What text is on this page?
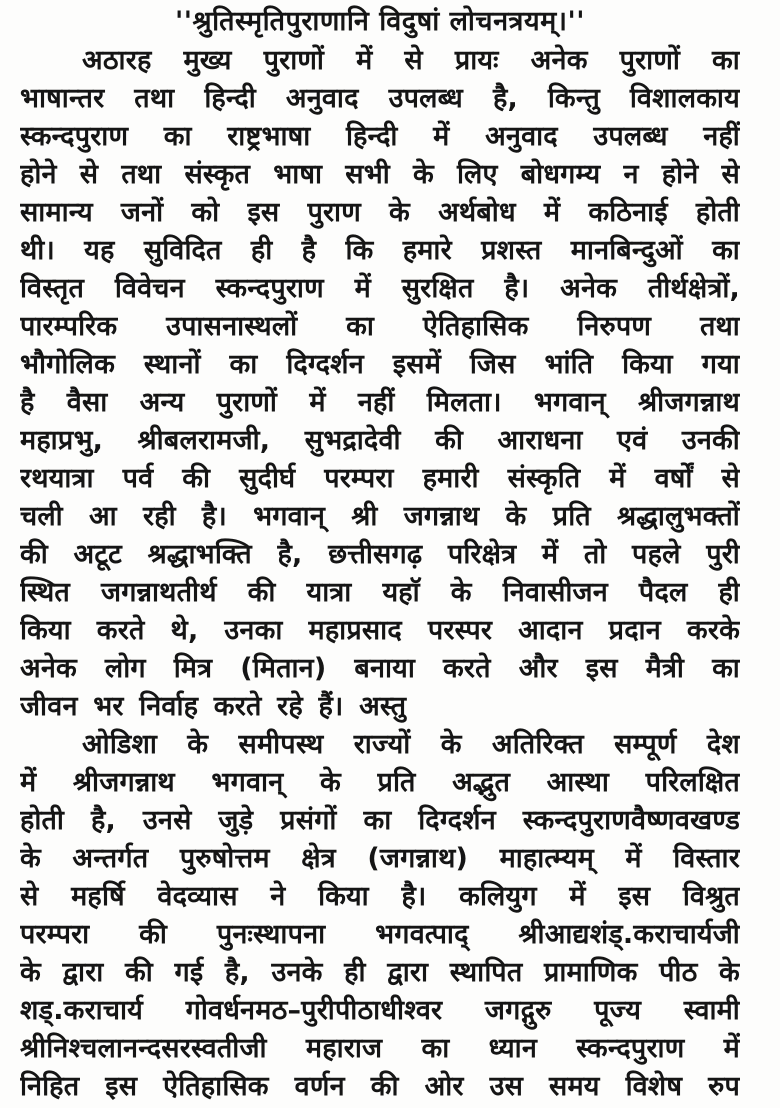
''श्रुतिस्मृतिपुराणानि विदुषां लोचनत्रयम्।''
अठारह मुख्य पुराणों में से प्रायः अनेक पुराणों का
भाषान्तर तथा हिन्दी अनुवाद उपलब्ध है, किन्तु विशालकाय
स्कन्दपुराण का राष्ट्रभाषा हिन्दी में अनुवाद उपलब्ध नहीं
होने से तथा संस्कृत भाषा सभी के लिए बोधगम्य न होने से
सामान्य जनों को इस पुराण के अर्थबोध में कठिनाई होती
थी। यह सुविदित ही है कि हमारे प्रशस्त मानबिन्दुओं का
विस्तृत विवेचन स्कन्दपुराण में सुरक्षित है। अनेक तीर्थक्षेत्रों,
पारम्परिक उपासनास्थलों का ऐतिहासिक निरुपण तथा
भौगोलिक स्थानों का दिग्दर्शन इसमें जिस भांति किया गया
है वैसा अन्य पुराणों में नहीं मिलता। भगवान् श्रीजगन्नाथ
महाप्रभु, श्रीबलरामजी, सुभद्रादेवी की आराधना एवं उनकी
रथयात्रा पर्व की सुदीर्घ परम्परा हमारी संस्कृति में वर्षों से
चली आ रही है। भगवान् श्री जगन्नाथ के प्रति श्रद्धालुभक्तों
की अटूट श्रद्धाभक्ति है, छत्तीसगढ़ परिक्षेत्र में तो पहले पुरी
स्थित जगन्नाथतीर्थ की यात्रा यहाॅ के निवासीजन पैदल ही
किया करते थे, उनका महाप्रसाद परस्पर आदान प्रदान करके
अनेक लोग मित्र (मितान) बनाया करते और इस मैत्री का
जीवन भर निर्वाह करते रहे हैं। अस्तु
ओडिशा के समीपस्थ राज्यों के अतिरिक्त सम्पूर्ण देश
में श्रीजगन्नाथ भगवान् के प्रति अद्भुत आस्था परिलक्षित
होती है, उनसे जुड़े प्रसंगों का दिग्दर्शन स्कन्दपुराणवैष्णवखण्ड
के अन्तर्गत पुरुषोत्तम क्षेत्र (जगन्नाथ) माहात्म्यम् में विस्तार
से महर्षि वेदव्यास ने किया है। कलियुग में इस विश्रुत
परम्परा की पुनःस्थापना भगवत्पाद् श्रीआद्यशंड्.कराचार्यजी
के द्वारा की गई है, उनके ही द्वारा स्थापित प्रामाणिक पीठ के
शड्.कराचार्य गोवर्धनमठ–पुरीपीठाधीश्वर जगद्गुरु पूज्य स्वामी
श्रीनिश्चलानन्दसरस्वतीजी महाराज का ध्यान स्कन्दपुराण में
निहित इस ऐतिहासिक वर्णन की ओर उस समय विशेष रुप
